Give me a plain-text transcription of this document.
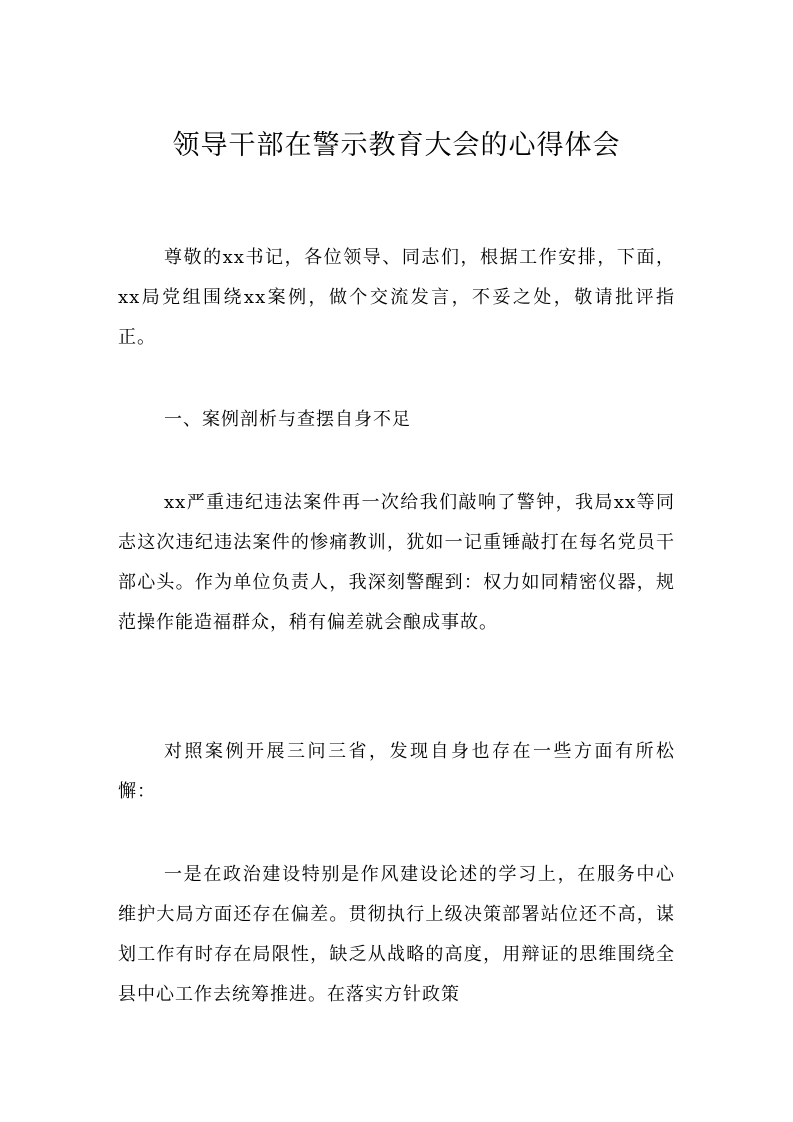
领导干部在警示教育大会的心得体会

尊敬的xx书记，各位领导、同志们，根据工作安排，下面，xx局党组围绕xx案例，做个交流发言，不妥之处，敬请批评指正。

一、案例剖析与查摆自身不足

xx严重违纪违法案件再一次给我们敲响了警钟，我局xx等同志这次违纪违法案件的惨痛教训，犹如一记重锤敲打在每名党员干部心头。作为单位负责人，我深刻警醒到：权力如同精密仪器，规范操作能造福群众，稍有偏差就会酿成事故。

对照案例开展三问三省，发现自身也存在一些方面有所松懈：

一是在政治建设特别是作风建设论述的学习上，在服务中心维护大局方面还存在偏差。贯彻执行上级决策部署站位还不高，谋划工作有时存在局限性，缺乏从战略的高度，用辩证的思维围绕全县中心工作去统筹推进。在落实方针政策
